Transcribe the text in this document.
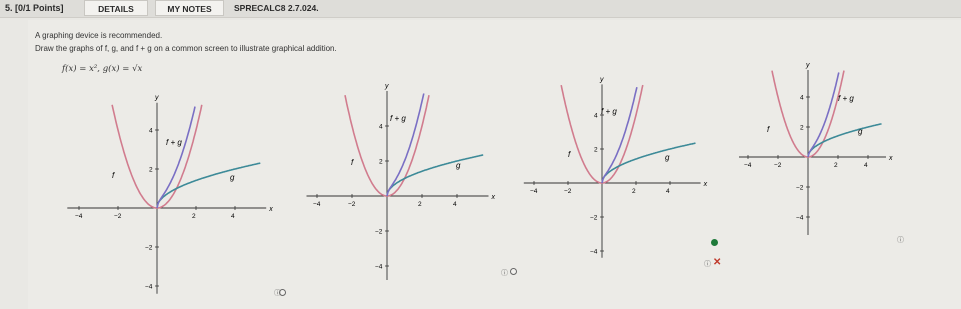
5. [0/1 Points]	DETAILS	MY NOTES	SPRECALC8 2.7.024.
A graphing device is recommended.
Draw the graphs of f, g, and f + g on a common screen to illustrate graphical addition.
f(x) = x², g(x) = √x
x
y
−4	−2	2	4
4
2
−2
−4
f	g
f + g
x
y
−4	−2	2	4
4
2
−2
−4
f	g
f + g
x
y
−4	−2	2	4
4
2
−2
−4
f	g
f + g
x
y
−4	−2	2	4
4
2
−2
−4
f	g
f + g
ⓘ
ⓘ
ⓘ ✕
ⓘ
